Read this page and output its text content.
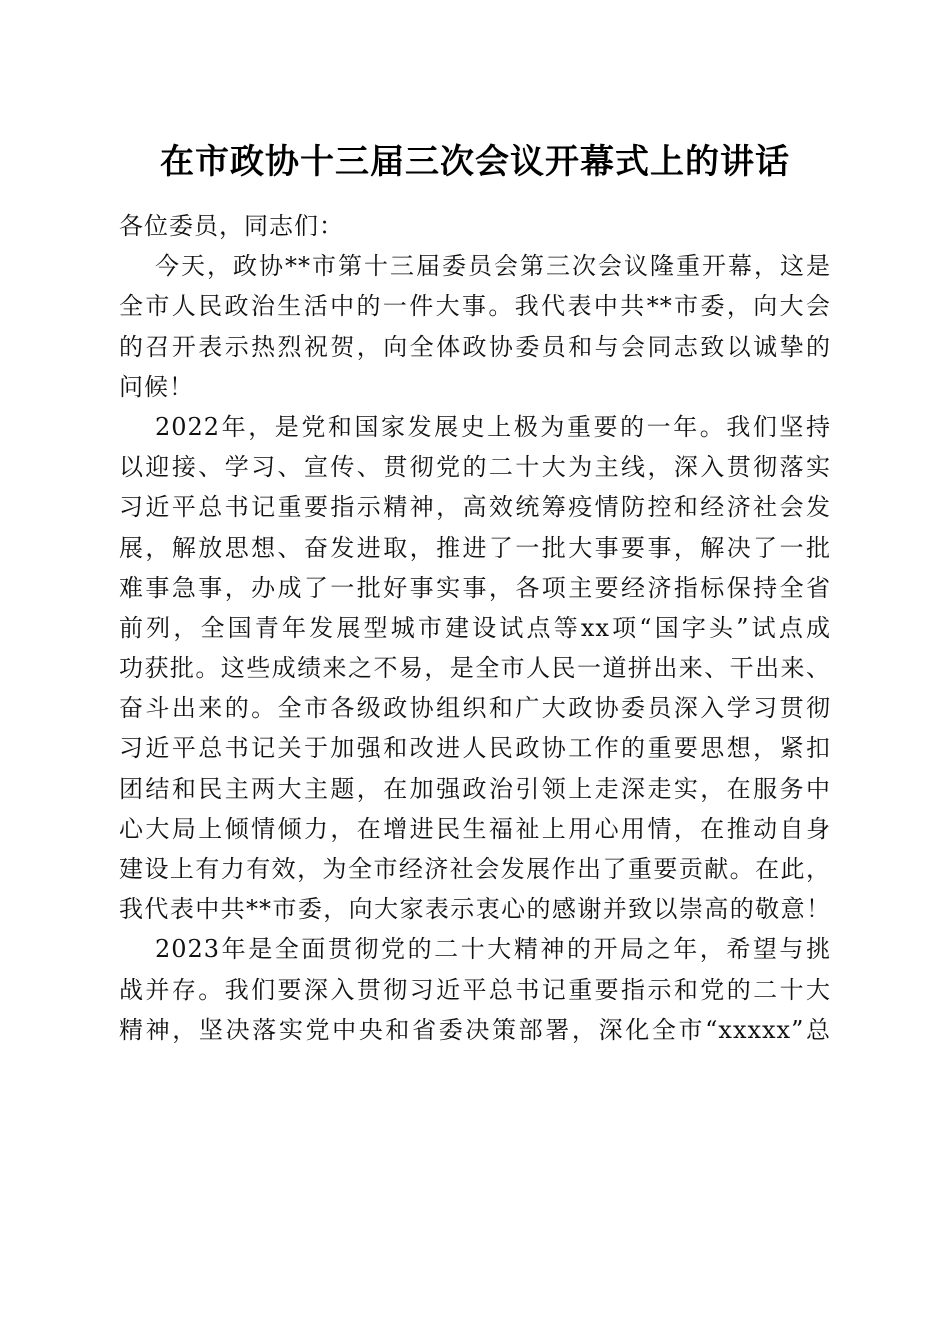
在市政协十三届三次会议开幕式上的讲话
各位委员，同志们：
今天，政协**市第十三届委员会第三次会议隆重开幕，这是
全市人民政治生活中的一件大事。我代表中共**市委，向大会
的召开表示热烈祝贺，向全体政协委员和与会同志致以诚挚的
问候！
2022年，是党和国家发展史上极为重要的一年。我们坚持
以迎接、学习、宣传、贯彻党的二十大为主线，深入贯彻落实
习近平总书记重要指示精神，高效统筹疫情防控和经济社会发
展，解放思想、奋发进取，推进了一批大事要事，解决了一批
难事急事，办成了一批好事实事，各项主要经济指标保持全省
前列，全国青年发展型城市建设试点等xx项“国字头”试点成
功获批。这些成绩来之不易，是全市人民一道拼出来、干出来、
奋斗出来的。全市各级政协组织和广大政协委员深入学习贯彻
习近平总书记关于加强和改进人民政协工作的重要思想，紧扣
团结和民主两大主题，在加强政治引领上走深走实，在服务中
心大局上倾情倾力，在增进民生福祉上用心用情，在推动自身
建设上有力有效，为全市经济社会发展作出了重要贡献。在此，
我代表中共**市委，向大家表示衷心的感谢并致以崇高的敬意！
2023年是全面贯彻党的二十大精神的开局之年，希望与挑
战并存。我们要深入贯彻习近平总书记重要指示和党的二十大
精神，坚决落实党中央和省委决策部署，深化全市“xxxxx”总
